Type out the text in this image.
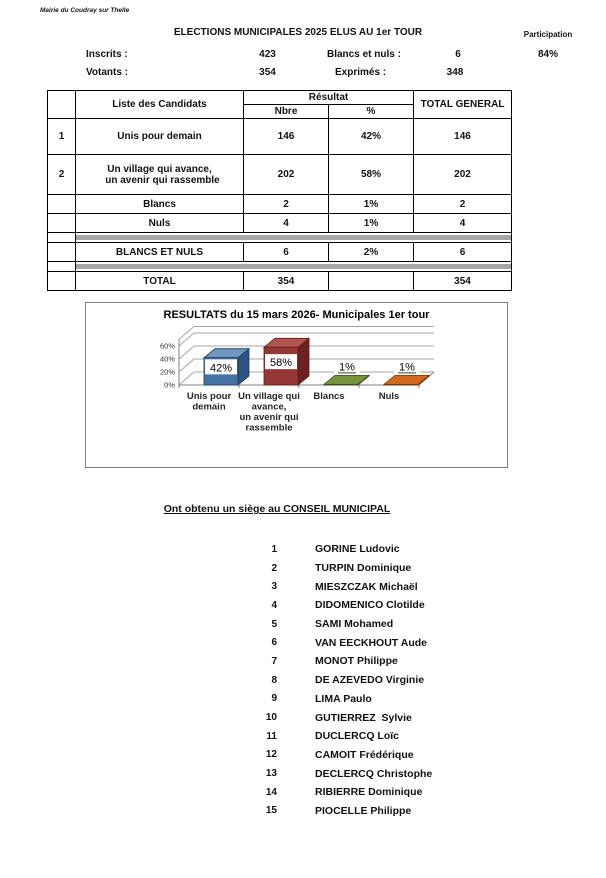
Mairie du Coudray sur Thelle
ELECTIONS MUNICIPALES 2025 ELUS AU 1er TOUR	Participation
Inscrits :	423	Blancs et nuls :	6	84%
Votants :	354	Exprimés :	348
	Liste des Candidats	Résultat		TOTAL GENERAL
		Nbre	%	
1	Unis pour demain	146	42%	146
2	Un village qui avance,
un avenir qui rassemble	202	58%	202
	Blancs	2	1%	2
	Nuls	4	1%	4

	BLANCS ET NULS	6	2%	6

	TOTAL	354		354
RESULTATS du 15 mars 2026- Municipales 1er tour
0%
20%
40%
60%
42%	58%	1%	1%
Unis pour
demain
Un village qui
avance,
un avenir qui
rassemble
Blancs	Nuls
Ont obtenu un siège au CONSEIL MUNICIPAL
1	GORINE Ludovic
2	TURPIN Dominique
3	MIESZCZAK Michaël
4	DIDOMENICO Clotilde
5	SAMI Mohamed
6	VAN EECKHOUT Aude
7	MONOT Philippe
8	DE AZEVEDO Virginie
9	LIMA Paulo
10	GUTIERREZ  Sylvie
11	DUCLERCQ Loïc
12	CAMOIT Frédérique
13	DECLERCQ Christophe
14	RIBIERRE Dominique
15	PIOCELLE Philippe
